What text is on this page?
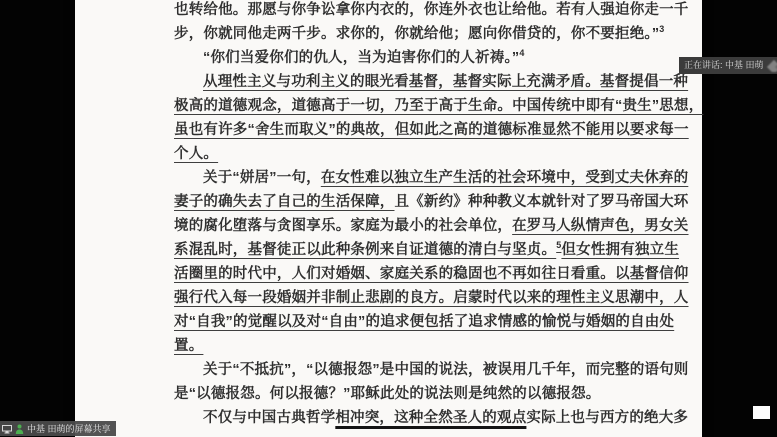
也转给他。那愿与你争讼拿你内衣的，你连外衣也让给他。若有人强迫你走一千
步，你就同他走两千步。求你的，你就给他；愿向你借贷的，你不要拒绝。”$^3$
“你们当爱你们的仇人，当为迫害你们的人祈祷。”$^4$
从理性主义与功利主义的眼光看基督，基督实际上充满矛盾。基督提倡一种
极高的道德观念，道德高于一切，乃至于高于生命。中国传统中即有“贵生”思想，
虽也有许多“舍生而取义”的典故，但如此之高的道德标准显然不能用以要求每一
个人。
关于“姘居”一句，在女性难以独立生产生活的社会环境中，受到丈夫休弃的
妻子的确失去了自己的生活保障，且《新约》种种教义本就针对了罗马帝国大环
境的腐化堕落与贪图享乐。家庭为最小的社会单位，在罗马人纵情声色，男女关
系混乱时，基督徒正以此种条例来自证道德的清白与坚贞。$^5$但女性拥有独立生
活圈里的时代中，人们对婚姻、家庭关系的稳固也不再如往日看重。以基督信仰
强行代入每一段婚姻并非制止悲剧的良方。启蒙时代以来的理性主义思潮中，人
对“自我”的觉醒以及对“自由”的追求便包括了追求情感的愉悦与婚姻的自由处
置。
关于“不抵抗”，“以德报怨”是中国的说法，被误用几千年，而完整的语句则
是“以德报怨。何以报德？”耶稣此处的说法则是纯然的以德报怨。
不仅与中国古典哲学相冲突，这种全然圣人的观点实际上也与西方的绝大多
正在讲话: 中基 田萌
中基 田萌的屏幕共享
